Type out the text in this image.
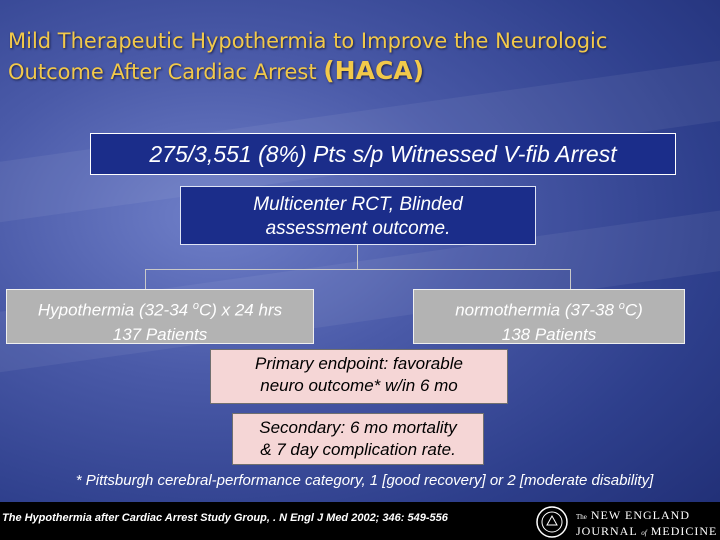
Mild Therapeutic Hypothermia to Improve the Neurologic
Outcome After Cardiac Arrest (HACA)
275/3,551 (8%) Pts s/p Witnessed V-fib Arrest
Multicenter RCT, Blinded
assessment outcome.
Hypothermia (32-34 $^o$C) x 24 hrs
137 Patients
normothermia (37-38 $^o$C)
138 Patients
Primary endpoint: favorable
neuro outcome* w/in 6 mo
Secondary: 6 mo mortality
& 7 day complication rate.
* Pittsburgh cerebral-performance category, 1 [good recovery] or 2 [moderate disability]
The Hypothermia after Cardiac Arrest Study Group, . N Engl J Med 2002; 346: 549-556	The NEW ENGLAND
JOURNAL of MEDICINE
